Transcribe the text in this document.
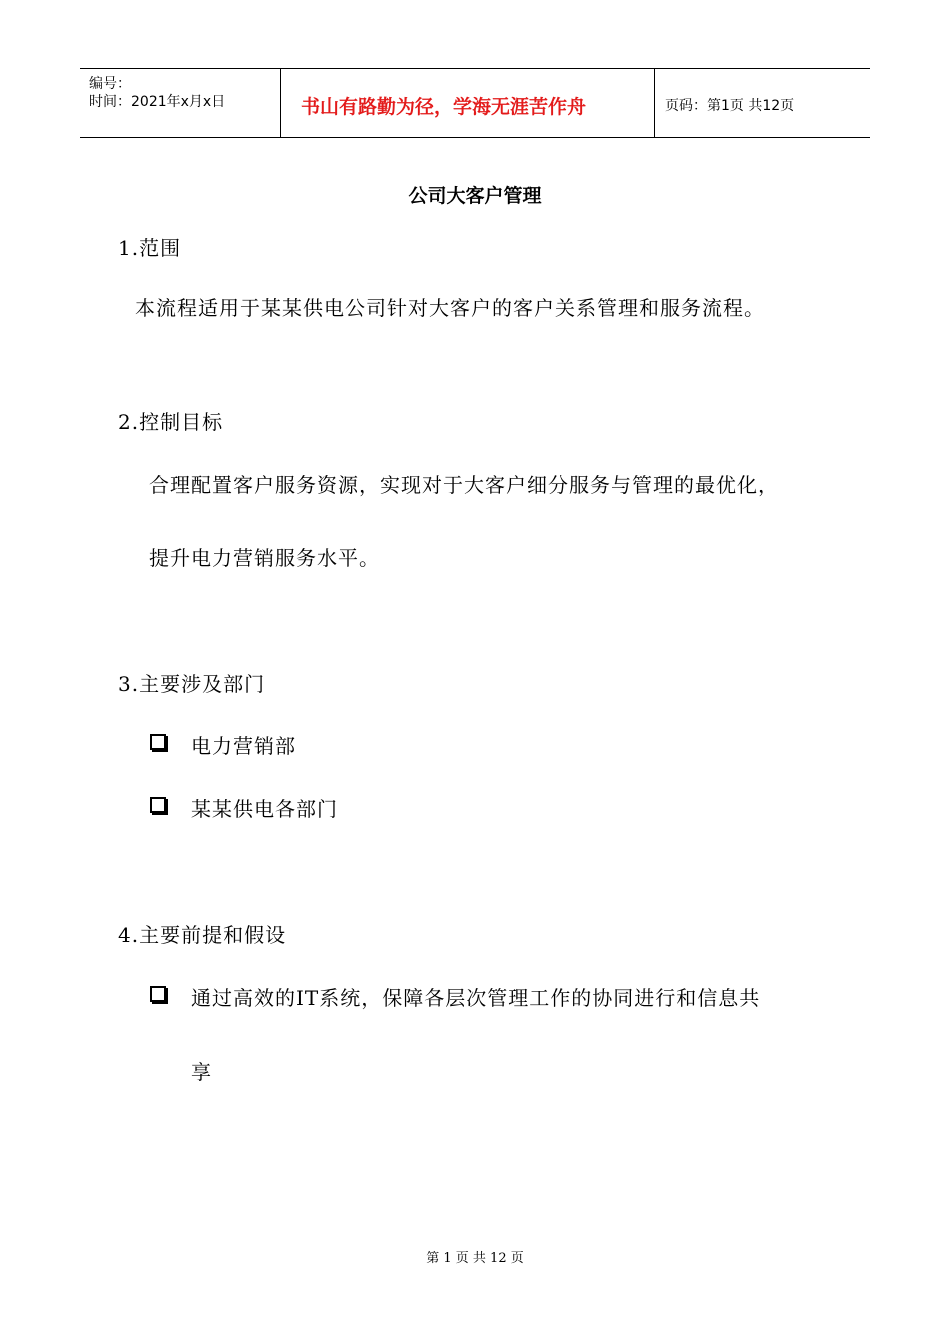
编号：
时间：2021年x月x日	书山有路勤为径，学海无涯苦作舟	页码：第1页 共12页
公司大客户管理
1.范围
本流程适用于某某供电公司针对大客户的客户关系管理和服务流程。
2.控制目标
合理配置客户服务资源，实现对于大客户细分服务与管理的最优化，
提升电力营销服务水平。
3.主要涉及部门
电力营销部
某某供电各部门
4.主要前提和假设
通过高效的IT系统，保障各层次管理工作的协同进行和信息共
享
第 1 页 共 12 页
